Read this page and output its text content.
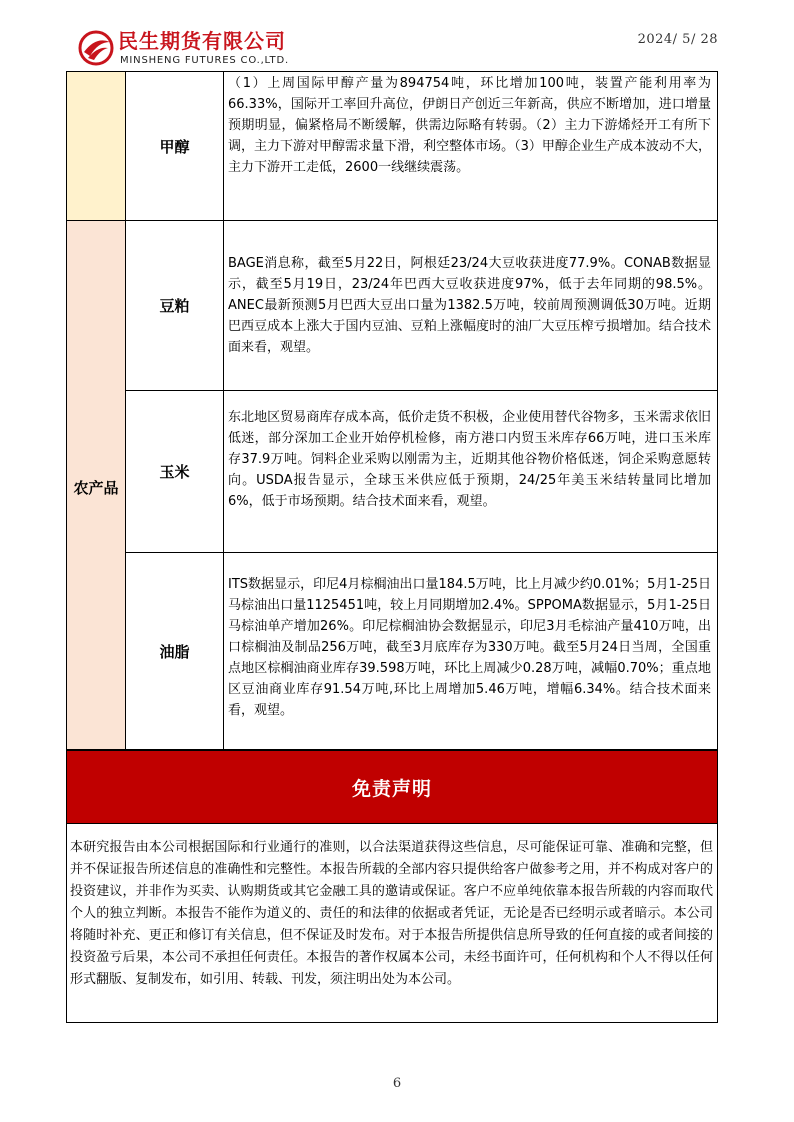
民生期货有限公司
MINSHENG FUTURES CO.,LTD.
2024/ 5/ 28
甲醇
（1）上周国际甲醇产量为894754吨，环比增加100吨，装置产能利用率为66.33%，国际开工率回升高位，伊朗日产创近三年新高，供应不断增加，进口增量预期明显，偏紧格局不断缓解，供需边际略有转弱。（2）主力下游烯烃开工有所下调，主力下游对甲醇需求量下滑，利空整体市场。（3）甲醇企业生产成本波动不大，主力下游开工走低，2600一线继续震荡。
农产品
豆粕
BAGE消息称，截至5月22日，阿根廷23/24大豆收获进度77.9%。CONAB数据显示，截至5月19日，23/24年巴西大豆收获进度97%，低于去年同期的98.5%。ANEC最新预测5月巴西大豆出口量为1382.5万吨，较前周预测调低30万吨。近期巴西豆成本上涨大于国内豆油、豆粕上涨幅度时的油厂大豆压榨亏损增加。结合技术面来看，观望。
玉米
东北地区贸易商库存成本高，低价走货不积极，企业使用替代谷物多，玉米需求依旧低迷，部分深加工企业开始停机检修，南方港口内贸玉米库存66万吨，进口玉米库存37.9万吨。饲料企业采购以刚需为主，近期其他谷物价格低迷，饲企采购意愿转向。USDA报告显示，全球玉米供应低于预期，24/25年美玉米结转量同比增加6%，低于市场预期。结合技术面来看，观望。
油脂
ITS数据显示，印尼4月棕榈油出口量184.5万吨，比上月减少约0.01%；5月1-25日马棕油出口量1125451吨，较上月同期增加2.4%。SPPOMA数据显示，5月1-25日马棕油单产增加26%。印尼棕榈油协会数据显示，印尼3月毛棕油产量410万吨，出口棕榈油及制品256万吨，截至3月底库存为330万吨。截至5月24日当周，全国重点地区棕榈油商业库存39.598万吨，环比上周减少0.28万吨，减幅0.70%；重点地区豆油商业库存91.54万吨,环比上周增加5.46万吨，增幅6.34%。结合技术面来看，观望。
免责声明
本研究报告由本公司根据国际和行业通行的准则，以合法渠道获得这些信息，尽可能保证可靠、准确和完整，但并不保证报告所述信息的准确性和完整性。本报告所载的全部内容只提供给客户做参考之用，并不构成对客户的投资建议，并非作为买卖、认购期货或其它金融工具的邀请或保证。客户不应单纯依靠本报告所载的内容而取代个人的独立判断。本报告不能作为道义的、责任的和法律的依据或者凭证，无论是否已经明示或者暗示。本公司将随时补充、更正和修订有关信息，但不保证及时发布。对于本报告所提供信息所导致的任何直接的或者间接的投资盈亏后果，本公司不承担任何责任。本报告的著作权属本公司，未经书面许可，任何机构和个人不得以任何形式翻版、复制发布，如引用、转载、刊发，须注明出处为本公司。
6
